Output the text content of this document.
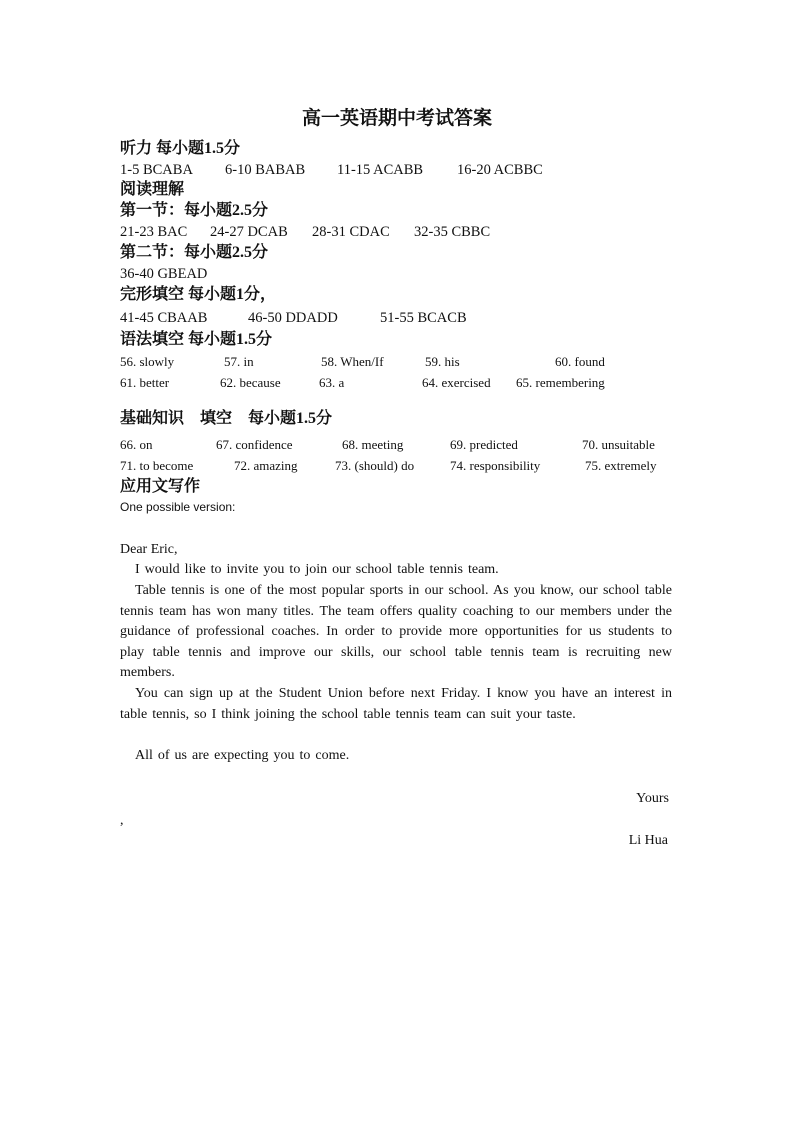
高一英语期中考试答案
听力 每小题1.5分
1-5 BCABA 6-10 BABAB 11-15 ACABB 16-20 ACBBC
阅读理解
第一节：每小题2.5分
21-23 BAC 24-27 DCAB 28-31 CDAC 32-35 CBBC
第二节：每小题2.5分
36-40 GBEAD
完形填空 每小题1分，
41-45 CBAAB	46-50 DDADD	51-55 BCACB
语法填空 每小题1.5分
56. slowly	57. in	58. When/If	59. his	60. found
61. better	62. because	63. a	64. exercised 65. remembering
基础知识 填空 每小题1.5分
66. on	67. confidence	68. meeting	69. predicted	70. unsuitable
71. to become	72. amazing	73. (should) do	74. responsibility	75. extremely
应用文写作
One possible version:
Dear Eric,
I would like to invite you to join our school table tennis team.
Table tennis is one of the most popular sports in our school. As you know, our school table tennis team has won many titles. The team offers quality coaching to our members under the guidance of professional coaches. In order to provide more opportunities for us students to play table tennis and improve our skills, our school table tennis team is recruiting new members.
You can sign up at the Student Union before next Friday. I know you have an interest in table tennis, so I think joining the school table tennis team can suit your taste.
All of us are expecting you to come.
Yours
,
Li Hua
